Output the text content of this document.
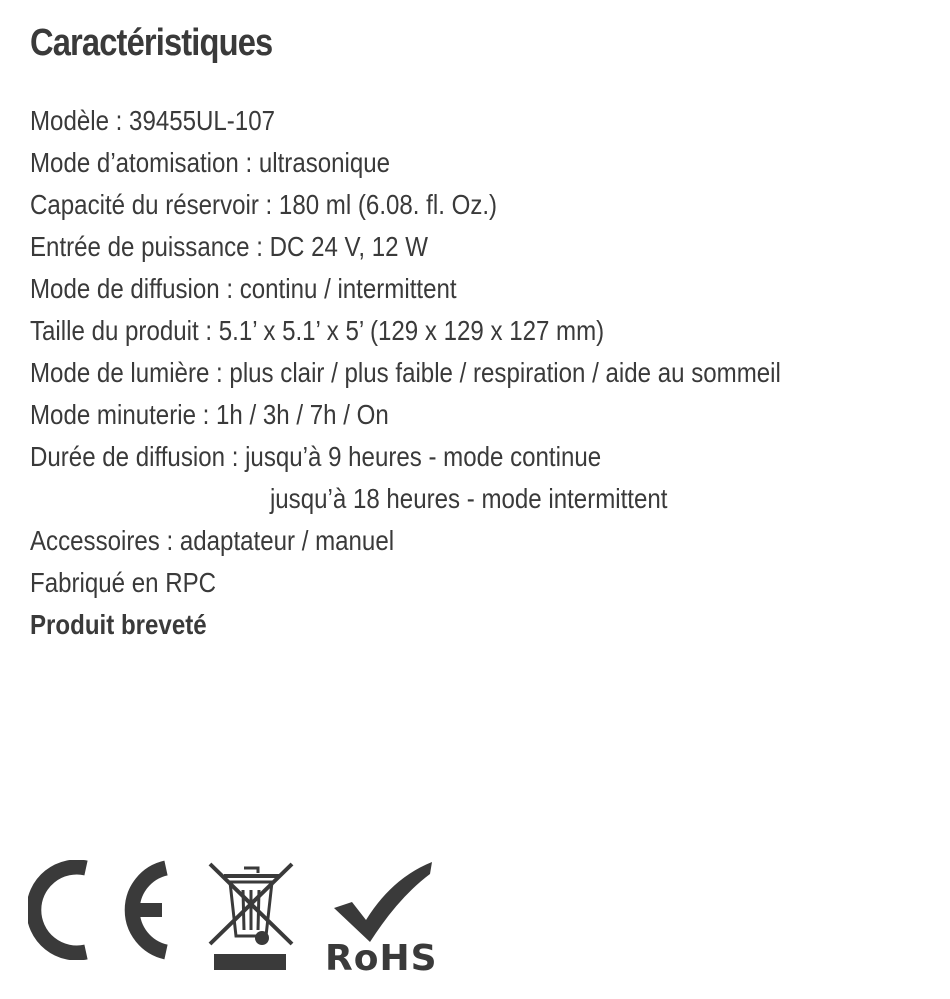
Caractéristiques
Modèle : 39455UL-107
Mode d’atomisation : ultrasonique
Capacité du réservoir : 180 ml (6.08. fl. Oz.)
Entrée de puissance : DC 24 V, 12 W
Mode de diffusion : continu / intermittent
Taille du produit : 5.1’ x 5.1’ x 5’ (129 x 129 x 127 mm)
Mode de lumière : plus clair / plus faible / respiration / aide au sommeil
Mode minuterie : 1h / 3h / 7h / On
Durée de diffusion : jusqu’à 9 heures - mode continue
jusqu’à 18 heures - mode intermittent
Accessoires : adaptateur / manuel
Fabriqué en RPC
Produit breveté
RoHS
